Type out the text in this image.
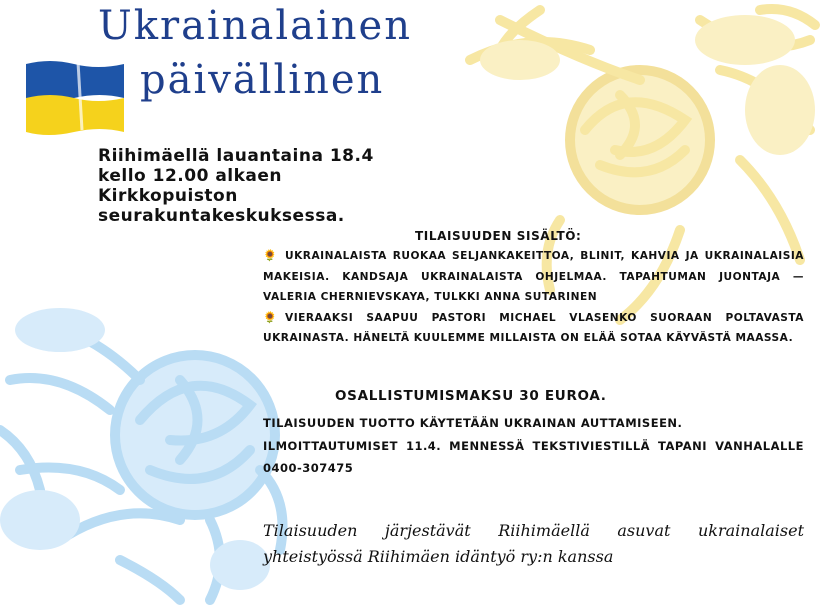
Ukrainalainen
päivällinen
Riihimäellä lauantaina 18.4
kello 12.00 alkaen
Kirkkopuiston
seurakuntakeskuksessa.
TILAISUUDEN SISÄLTÖ:

🌻 UKRAINALAISTA RUOKAA SELJANKAKEITTOA, BLINIT, KAHVIA JA UKRAINALAISIA MAKEISIA. KANDSAJA UKRAINALAISTA OHJELMAA. TAPAHTUMAN JUONTAJA — VALERIA CHERNIEVSKAYA, TULKKI ANNA SUTARINEN

🌻 VIERAAKSI SAAPUU PASTORI MICHAEL VLASENKO SUORAAN POLTAVASTA UKRAINASTA. HÄNELTÄ KUULEMME MILLAISTA ON ELÄÄ SOTAA KÄYVÄSTÄ MAASSA.

OSALLISTUMISMAKSU 30 EUROA.

TILAISUUDEN TUOTTO KÄYTETÄÄN UKRAINAN AUTTAMISEEN.

ILMOITTAUTUMISET 11.4. MENNESSÄ TEKSTIVIESTILLÄ TAPANI VANHALALLE 0400-307475

Tilaisuuden järjestävät Riihimäellä asuvat ukrainalaiset yhteistyössä Riihimäen idäntyö ry:n kanssa
